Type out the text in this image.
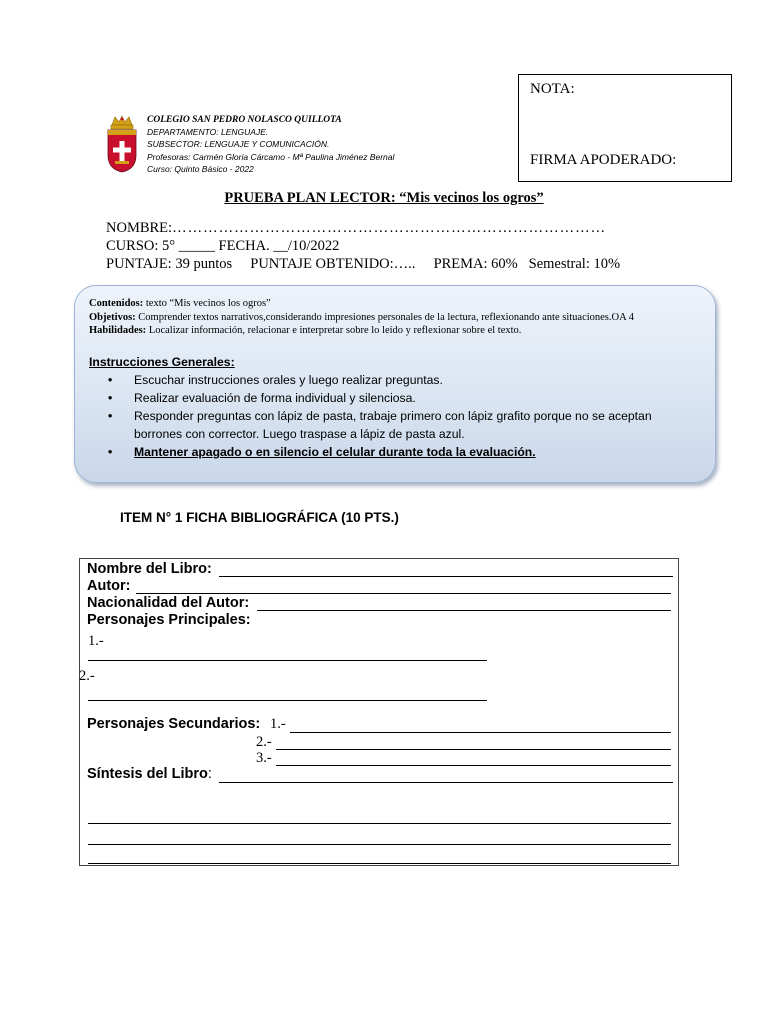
NOTA:
FIRMA APODERADO:
COLEGIO SAN PEDRO NOLASCO QUILLOTA
DEPARTAMENTO: LENGUAJE.
SUBSECTOR: LENGUAJE Y COMUNICACIÓN.
Profesoras: Carmén Gloria Cárcamo - Mª Paulina Jiménez Bernal
Curso: Quinto Básico - 2022
PRUEBA PLAN LECTOR: “Mis vecinos los ogros”
NOMBRE:…………………………………………………………………………
CURSO: 5° _____ FECHA. __/10/2022
PUNTAJE: 39 puntos PUNTAJE OBTENIDO:….. PREMA: 60% Semestral: 10%
Contenidos: texto “Mis vecinos los ogros”
Objetivos: Comprender textos narrativos,considerando impresiones personales de la lectura, reflexionando ante situaciones.OA 4
Habilidades: Localizar información, relacionar e interpretar sobre lo leído y reflexionar sobre el texto.
Instrucciones Generales:
• Escuchar instrucciones orales y luego realizar preguntas.
• Realizar evaluación de forma individual y silenciosa.
• Responder preguntas con lápiz de pasta, trabaje primero con lápiz grafito porque no se aceptan borrones con corrector. Luego traspase a lápiz de pasta azul.
• Mantener apagado o en silencio el celular durante toda la evaluación.
ITEM N° 1 FICHA BIBLIOGRÁFICA (10 PTS.)
Nombre del Libro:
Autor:
Nacionalidad del Autor:
Personajes Principales:
1.-
2.-
Personajes Secundarios: 1.-
2.-
3.-
Síntesis del Libro:
